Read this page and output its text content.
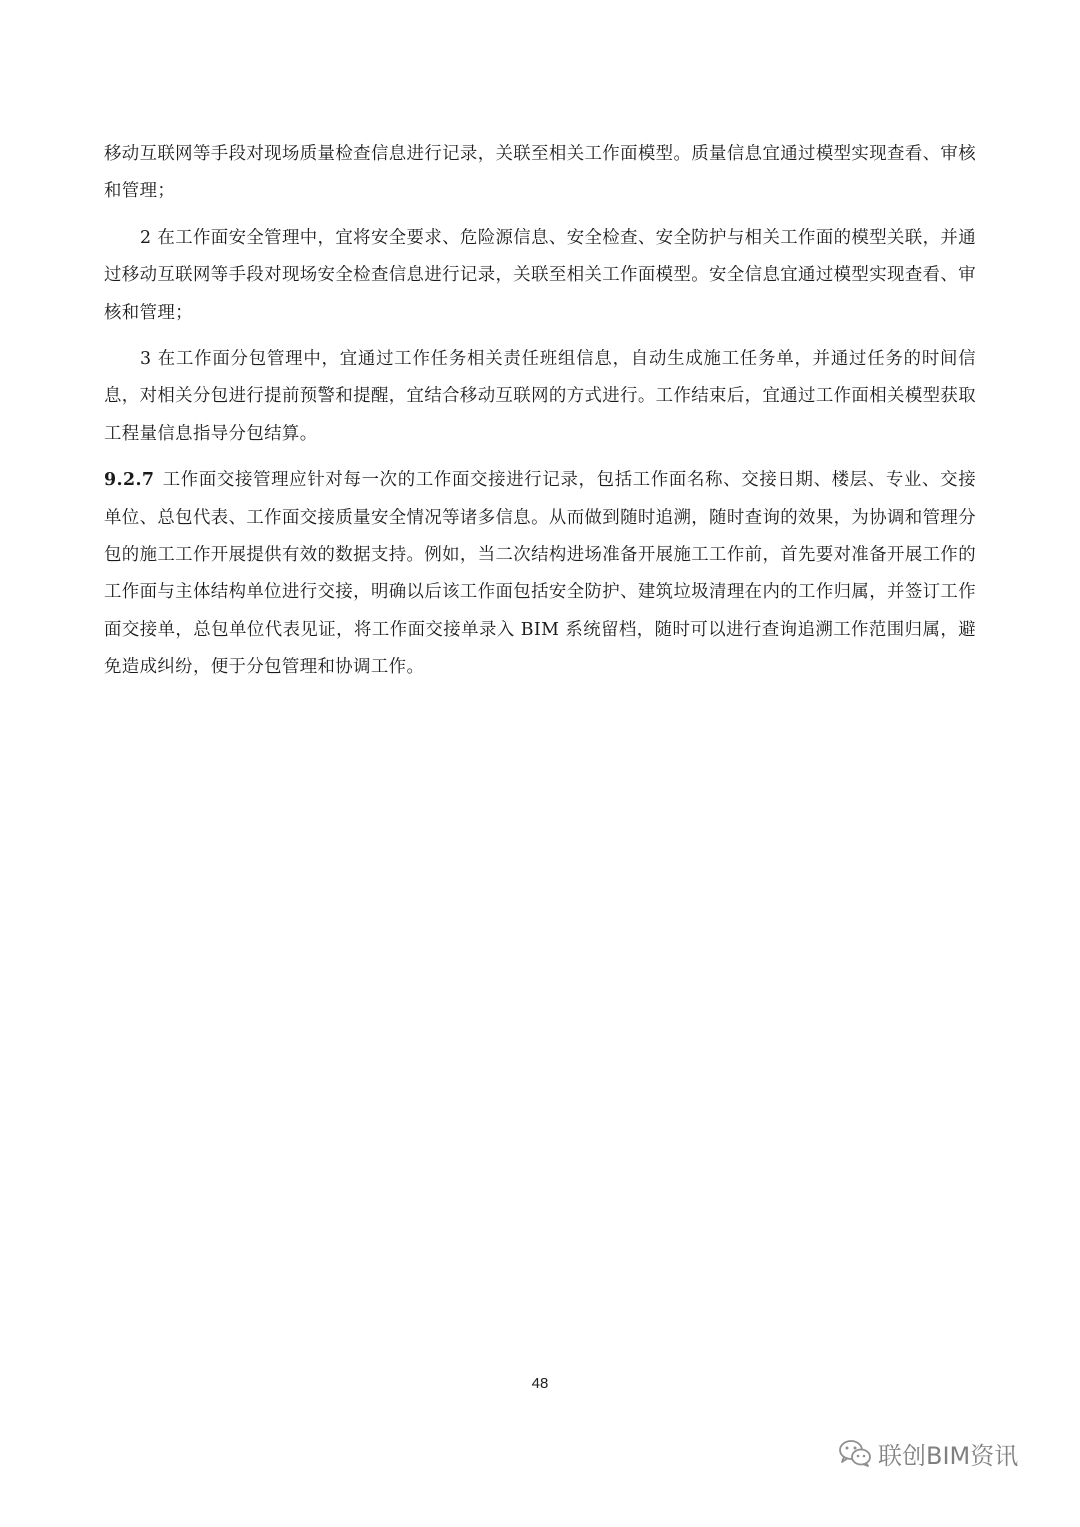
移动互联网等手段对现场质量检查信息进行记录，关联至相关工作面模型。质量信息宜通过模型实现查看、审核和管理；

2 在工作面安全管理中，宜将安全要求、危险源信息、安全检查、安全防护与相关工作面的模型关联，并通过移动互联网等手段对现场安全检查信息进行记录，关联至相关工作面模型。安全信息宜通过模型实现查看、审核和管理；

3 在工作面分包管理中，宜通过工作任务相关责任班组信息，自动生成施工任务单，并通过任务的时间信息，对相关分包进行提前预警和提醒，宜结合移动互联网的方式进行。工作结束后，宜通过工作面相关模型获取工程量信息指导分包结算。

9.2.7 工作面交接管理应针对每一次的工作面交接进行记录，包括工作面名称、交接日期、楼层、专业、交接单位、总包代表、工作面交接质量安全情况等诸多信息。从而做到随时追溯，随时查询的效果，为协调和管理分包的施工工作开展提供有效的数据支持。例如，当二次结构进场准备开展施工工作前，首先要对准备开展工作的工作面与主体结构单位进行交接，明确以后该工作面包括安全防护、建筑垃圾清理在内的工作归属，并签订工作面交接单，总包单位代表见证，将工作面交接单录入 BIM 系统留档，随时可以进行查询追溯工作范围归属，避免造成纠纷，便于分包管理和协调工作。

48
联创BIM资讯
